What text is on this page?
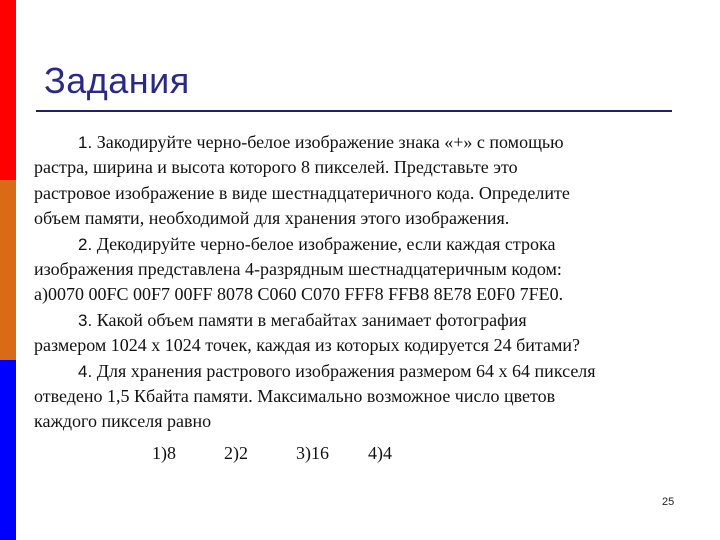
Задания

1. Закодируйте черно-белое изображение знака «+» с помощью
растра, ширина и высота которого 8 пикселей. Представьте это
растровое изображение в виде шестнадцатеричного кода. Определите
объем памяти, необходимой для хранения этого изображения.

2. Декодируйте черно-белое изображение, если каждая строка
изображения представлена 4-разрядным шестнадцатеричным кодом:
а)0070 00FC 00F7 00FF 8078 C060 C070 FFF8 FFB8 8E78 E0F0 7FE0.

3. Какой объем памяти в мегабайтах занимает фотография
размером 1024 х 1024 точек, каждая из которых кодируется 24 битами?

4. Для хранения растрового изображения размером 64 х 64 пикселя
отведено 1,5 Кбайта памяти. Максимально возможное число цветов
каждого пикселя равно

1)8	2)2	3)16 4)4

25
